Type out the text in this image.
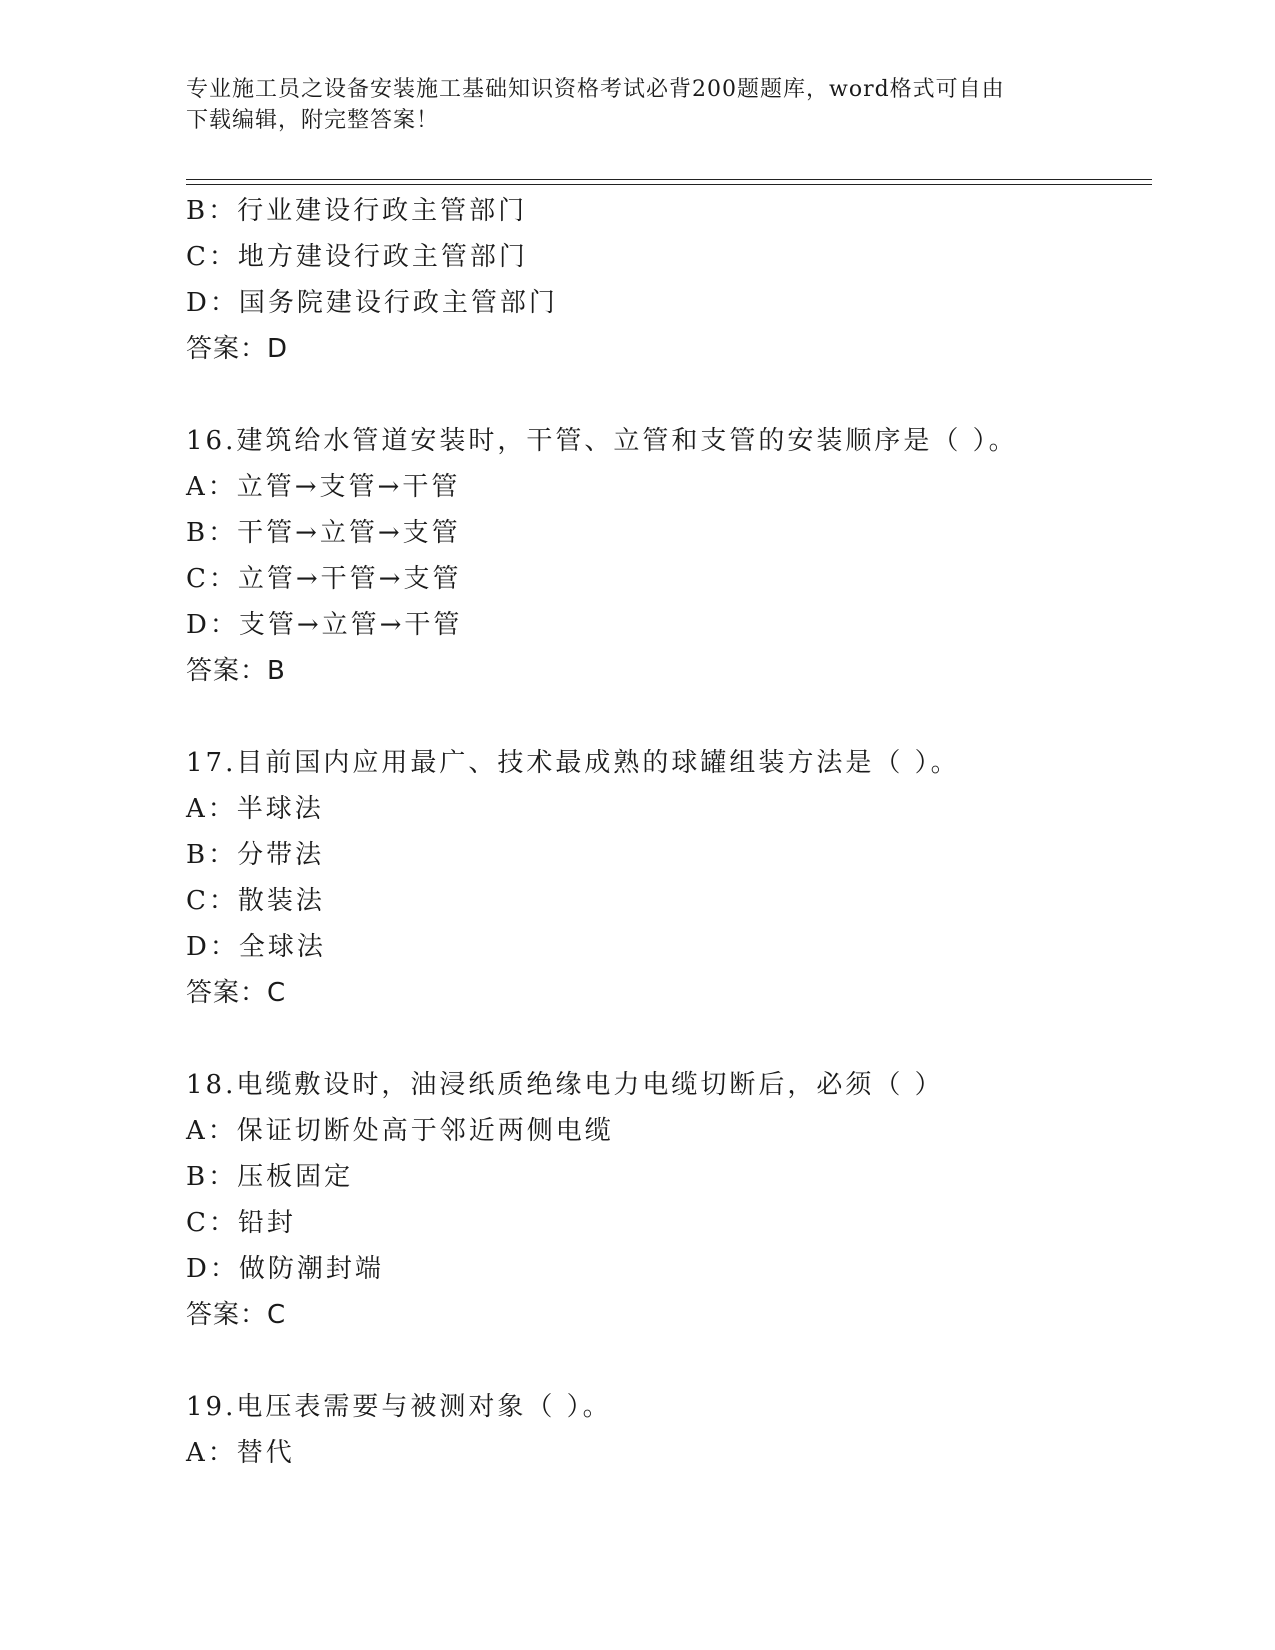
专业施工员之设备安装施工基础知识资格考试必背200题题库，word格式可自由
下载编辑，附完整答案！
B：行业建设行政主管部门
C：地方建设行政主管部门
D：国务院建设行政主管部门
答案：D
16.建筑给水管道安装时，干管、立管和支管的安装顺序是（ ）。
A：立管→支管→干管
B：干管→立管→支管
C：立管→干管→支管
D：支管→立管→干管
答案：B
17.目前国内应用最广、技术最成熟的球罐组装方法是（ ）。
A：半球法
B：分带法
C：散装法
D：全球法
答案：C
18.电缆敷设时，油浸纸质绝缘电力电缆切断后，必须（ ）
A：保证切断处高于邻近两侧电缆
B：压板固定
C：铅封
D：做防潮封端
答案：C
19.电压表需要与被测对象（ ）。
A：替代
